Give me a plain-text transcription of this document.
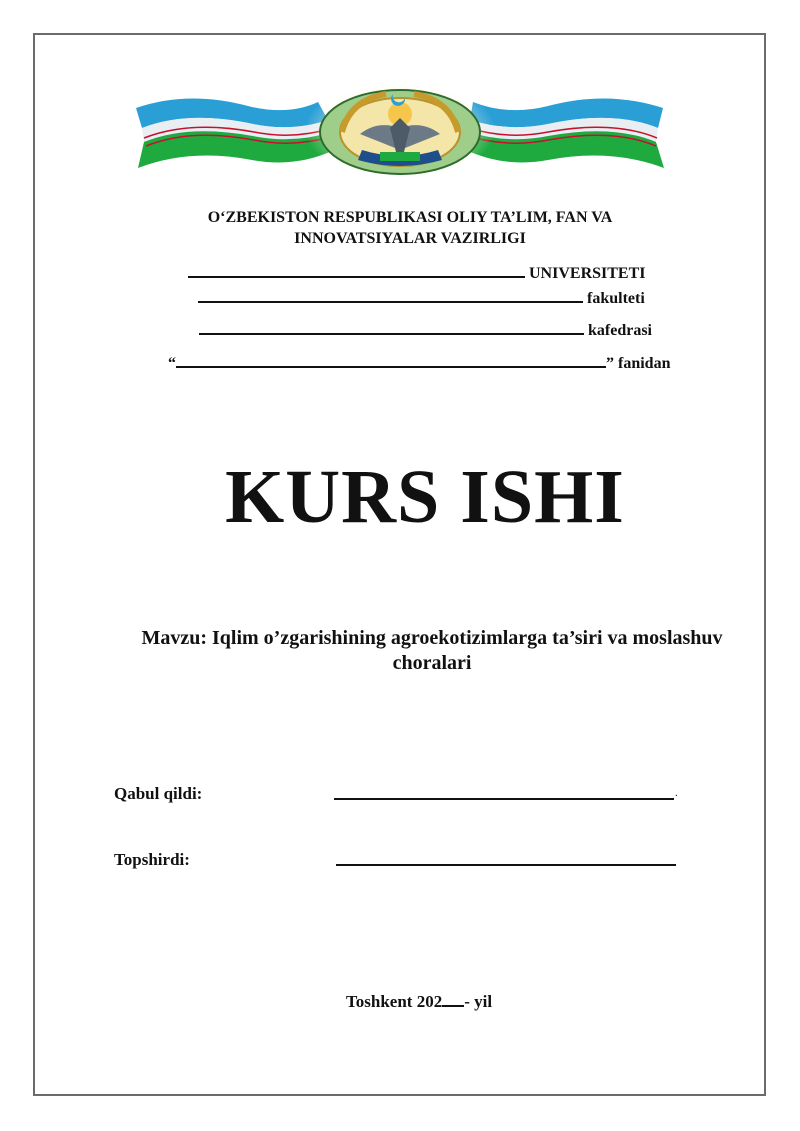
O‘ZBEKISTON RESPUBLIKASI OLIY TA’LIM, FAN VA
INNOVATSIYALAR VAZIRLIGI
UNIVERSITETI
fakulteti
kafedrasi
“	” fanidan
KURS ISHI
Mavzu: Iqlim o’zgarishining agroekotizimlarga ta’siri va moslashuv
choralari
Qabul qildi:	.
Topshirdi:
Toshkent 202 - yil
